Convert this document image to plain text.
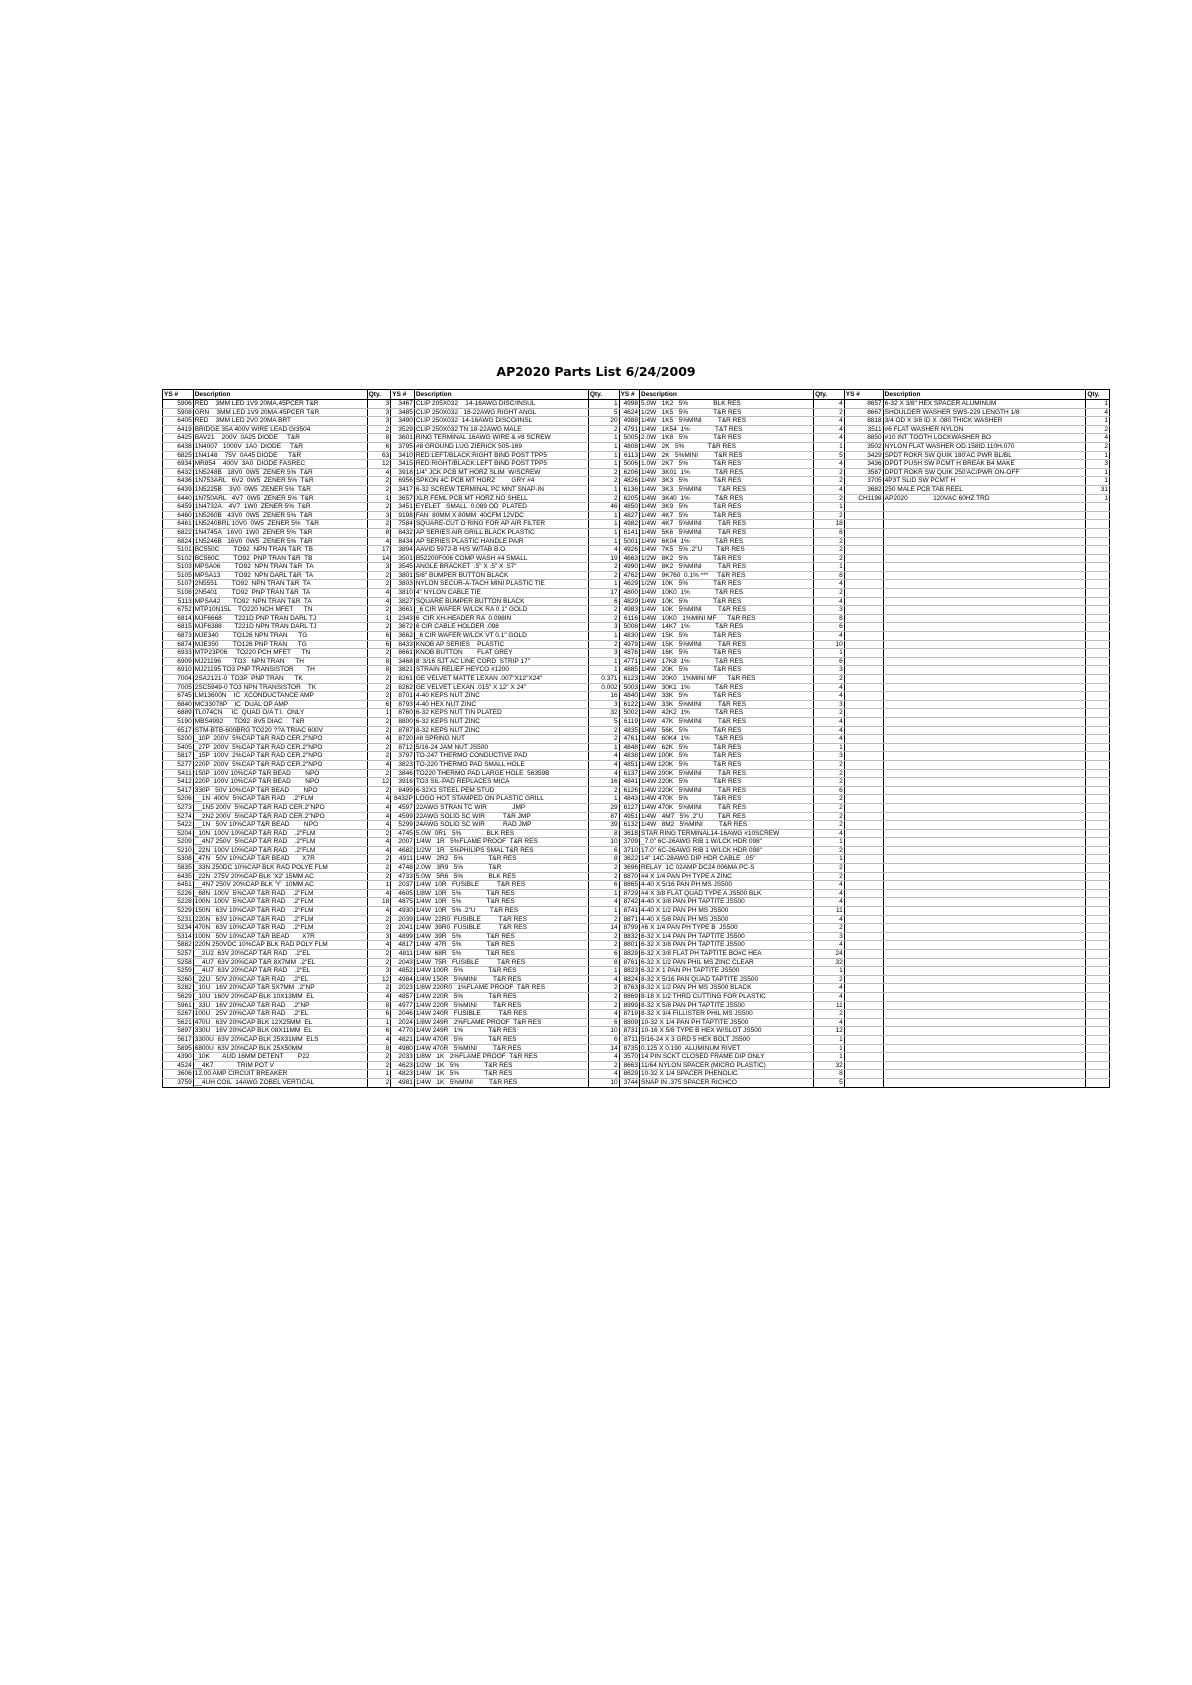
AP2020 Parts List 6/24/2009
YS #	Description	Qty.	YS #	Description	Qty.	YS #	Description	Qty.	YS #	Description	Qty.
5906	RED    3MM LED 1V9 20MA.45PCER T&R	3	3467	CLIP 205X032    14-16AWG DISC/INSUL	1	4998	5.0W   1K2   5%              BLK RES	4	8657	6-32 X 3/8" HEX SPACER ALUMINUM	1
5908	GRN    3MM LED 1V9 20MA.45PCER T&R	3	3485	CLIP 250X032   18-22AWG RIGHT ANGL	5	4624	1/2W   1K5   5%              T&R RES	2	8667	SHOULDER WASHER SWS-229 LENGTH 1/8	4
6405	RED    3MM LED 2V0 20MA BRT	3	3490	CLIP 250X032  14-16AWG DISCO/INSL	20	4988	1/4W   1K5   5%MINI         T&R RES	4	8818	3/4 OD X 3/8 ID X .080 THICK WASHER	1
6419	BRIDGE 35A 400V WIRE LEAD GI3504	2	3529	CLIP 250X032 TN 18-22AWG MALE	2	4791	1/4W   1K54  1%              T&T RES	4	3511	#6 FLAT WASHER NYLON	2
6425	BAV21    200V  0A25 DIODE     T&R	8	3601	RING TERMINAL 16AWG WIRE & #8 SCREW	1	5005	2.0W   1K8   5%              T&R RES	4	8850	#10 INT TOOTH LOCKWASHER BO	4
6438	1N4007   1000V  1A0  DIODE     T&R	6	3795	#8 GROUND LUG ZIERICK 505-169	1	4808	1/4W   2K   5%             T&R RES	1	3502	NYLON FLAT WASHER OD.158ID.110H.070	2
6825	1N4148    75V  0A45 DIODE      T&R	63	3410	RED:LEFT/BLACK:RIGHT BIND POST TPP5	1	6113	1/4W   2K   5%MINI         T&R RES	5	3429	SPDT ROKR SW QUIK 180'AC PWR BL/BL	1
6934	MR854    400V  3A0  DIODE FASREC	12	3415	RED:RIGHT/BLACK:LEFT BIND POST TPP5	1	5006	1.0W   2K7   5%              T&R RES	4	3436	DPDT PUSH SW PCMT H BREAK B4 MAKE	3
6432	1N5248B   18V0  0W5  ZENER 5%  T&R	4	3918	1/4" JCK PCB MT HORZ SLIM  W/SCREW	2	6206	1/4W   3K01  1%              T&R RES	2	3587	DPDT ROKR SW QUIK 250'AC/PWR ON-OFF	1
6436	1N753ARL   6V2  0W5  ZENER 5%  T&R	2	6956	SPKON 4C PCB MT HORZ         GRY #4	2	4826	1/4W   3K3   5%              T&R RES	2	3705	4P3T SLID SW PCMT H	1
6439	1N5225B    3V0  0W5  ZENER 5%  T&R	2	3417	6-32 SCREW TERMINAL PC MNT SNAP-IN	1	6136	1/4W   3K3   5%MINI         T&R RES	4	3682	250 MALE PCB TAB REEL	31
6440	1N750ARL   4V7  0W5  ZENER 5%  T&R	1	3657	XLR FEML PCB MT HORZ NO SHELL	2	6205	1/4W   3K40  1%              T&R RES	2	CH1198	AP2020              120VAC 60HZ TRD	1
6459	1N4732A    4V7  1W0  ZENER 5%  T&R	2	3451	EYELET   SMALL  0.089 OD  PLATED	46	4850	1/4W   3K9   5%              T&R RES	1			
6460	1N5260B   43V0  0W5  ZENER 5%  T&R	3	9198	FAN  80MM X 80MM  40CFM 12VDC	1	4827	1/4W   4K7   5%              T&R RES	2			
6461	1N5240BRL 10V0  0W5  ZENER 5%   T&R	2	7584	SQUARE-CUT O RING FOR AP AIR FILTER	1	4982	1/4W   4K7   5%MINI         T&R RES	18			
6822	1N4745A   16V0  1W0  ZENER 5%  T&R	8	8432	AP SERIES AIR GRILL BLACK PLASTIC	1	6141	1/4W   5K6   5%MINI         T&R RES	8			
6824	1N5246B   16V0  0W5  ZENER 5%  T&R	4	8434	AP SERIES PLASTIC HANDLE PAIR	1	5001	1/4W   6K04  1%              T&R RES	2			
5101	BC550C        TO92  NPN TRAN T&R  TB	17	3894	AAVID 5972-B H/S W/TAB B.O.	4	4926	1/4W   7K5   5% .2"U        T&R RES	2			
5102	BC560C        TO92  PNP TRAN T&R  TB	14	3501	B52200F006 COMP WASH #4 SMALL	19	4663	1/2W   8K2   5%              T&R RES	2			
5103	MPSA06        TO92  NPN TRAN T&R  TA	3	3545	ANGLE BRACKET  .5" X .5" X .57"	2	4990	1/4W   8K2   5%MINI         T&R RES	1			
5105	MPSA13        TO92  NPN DARL T&R  TA	2	3801	5/8" BUMPER BUTTON BLACK	2	4762	1/4W   9K760  0.1% ***     T&R RES	8			
5107	2N5551        TO92  NPN TRAN T&R  TA	2	3803	NYLON SECUR-A-TACH MINI PLASTIC TIE	1	4629	1/2W   10K   5%              T&R RES	4			
5108	2N5401        TO92  PNP TRAN T&R  TA	4	3810	4" NYLON CABLE TIE	17	4800	1/4W   10K0  1%              T&R RES	2			
5113	MPSA42       TO92  NPN TRAN T&R  TA	4	3827	SQUARE BUMPER BUTTON BLACK	6	4829	1/4W   10K   5%              T&R RES	4			
6752	MTP10N15L    TO220 NCH MFET      TN	2	3661	_6 CIR WAFER W/LCK RA 0.1" GOLD	2	4983	1/4W   10K   5%MINI         T&R RES	3			
6814	MJF6668       T221D PNP TRAN DARL TJ	1	2343	6  CIR XH-HEADER RA  0.098IN	2	6116	1/4W   10K0   1%MINI MF      T&R RES	8			
6815	MJF6388       T221D NPN TRAN DARL TJ	2	3672	6 CIR CABLE HOLDER .098	3	5008	1/4W   14K7  1%              T&R RES	6			
6873	MJE340        TO126 NPN TRAN      TG	6	3662	_6 CIR WAFER W/LCK VT 0.1" GOLD	1	4830	1/4W   15K   5%              T&R RES	4			
6874	MJE350        TO126 PNP TRAN      TG	6	8433	KNOB AP SERIES    PLASTIC	2	4979	1/4W   15K   5%MINI         T&R RES	10			
6933	MTP23P06     TO220 PCH MFET      TN	2	8661	KNOB BUTTON        FLAT GREY	3	4876	1/4W   16K   5%              T&R RES	1			
6909	MJ21196       TO3   NPN TRAN      TH	8	3468	8' 3/16 SJT AC LINE CORD  STRIP 17"	1	4771	1/4W   17K8  1%              T&R RES	6			
6910	MJ21195 TO3 PNP TRANSISTOR       TH	8	3821	STRAIN RELIEF HEYCO #1200	1	4885	1/4W   20K   5%              T&R RES	3			
7004	2SA2121-0  TO3P  PNP TRAN      TK	2	8261	GE VELVET MATTE LEXAN .007"X12"X24"	0.371	6123	1/4W   20K0   1%MINI MF      T&R RES	2			
7005	2SC5949-0 TO3 NPN TRANSISTOR    TK	2	8262	GE VELVET LEXAN .015" X 12" X 24"	0.002	5003	1/4W   30K1  1%              T&R RES	4			
6745	LM13600N    IC  XCONDUCTANCE AMP	2	8701	4-40 KEPS NUT ZINC	16	4840	1/4W   33K   5%              T&R RES	4			
6840	MC33078P    IC  DUAL OP AMP	6	8793	4-40 HEX NUT ZINC	3	6122	1/4W   33K   5%MINI         T&R RES	3			
6889	TL074CN     IC  QUAD O/A T.I.  ONLY	1	8760	6-32 KEPS NUT TIN PLATED	32	5002	1/4W   42K2  1%              T&R RES	2			
5190	MBS4992      TO92  8V5 DIAC     T&R	2	8800	6-32 KEPS NUT ZINC	5	6119	1/4W   47K   5%MINI         T&R RES	4			
6517	STM-BTB-600BRG TO220 ??A TRIAC 600V	2	8787	8-32 KEPS NUT ZINC	2	4835	1/4W   56K   5%              T&R RES	4			
5200	_10P  200V  5%CAP T&R RAD CER.2"NPO	4	8720	#8 SPRING NUT	2	4761	1/4W   60K4  1%              T&R RES	4			
5405	_27P  200V  5%CAP T&R RAD CER.2"NPO	2	8712	5/16-24 JAM NUT JS500	1	4848	1/4W   62K   5%              T&R RES	1			
5817	_15P  100V  2%CAP T&R RAD CER.2"NPO	2	3797	TO-247 THERMO CONDUCTIVE PAD	4	4838	1/4W 100K   5%              T&R RES	3			
5277	220P  200V  5%CAP T&R RAD CER.2"NPO	4	3823	TO-220 THERMO PAD SMALL HOLE	4	4851	1/4W 120K   5%              T&R RES	2			
5411	150P  100V 10%CAP T&R BEAD        NPO	2	3846	TO220 THERMO PAD LARGE HOLE  56359B	4	6137	1/4W 200K   5%MINI         T&R RES	2			
5412	220P  100V 10%CAP T&R BEAD        NPO	12	3916	TO3 SIL-PAD REPLACES MICA	16	4841	1/4W 220K   5%              T&R RES	2			
5417	330P   50V 10%CAP T&R BEAD        NPO	2	8499	6-32X1 STEEL PEM STUD	2	6126	1/4W 220K   5%MINI         T&R RES	6			
5206	__1N  400V  5%CAP T&R RAD    .2"FLM	4	8432P	LOGO HOT STAMPED ON PLASTIC GRILL	1	4843	1/4W 470K   5%              T&R RES	2			
5273	__1N5 200V  5%CAP T&R RAD CER.2"NPO	4	4597	22AWG STRAN TC WIR              JMP	29	6127	1/4W 470K   5%MINI         T&R RES	2			
5274	__2N2 200V  5%CAP T&R RAD CER.2"NPO	4	4599	22AWG SOLID SC WIR          T&R JMP	87	4951	1/4W   4M7   5% .2"U        T&R RES	2			
5422	__1N   50V 10%CAP T&R BEAD        NPO	4	5299	24AWG SOLID SC WIR          RAD JMP	39	6132	1/4W   8M2   5%MINI         T&R RES	2			
5204	_10N  100V 10%CAP T&R RAD    .2"FLM	2	4745	5.0W  0R1   5%              BLK RES	8	3618	STAR RING TERMINAL14-16AWG #10SCREW	4			
5209	__4N7 250V  5%CAP T&R RAD    .2"FLM	4	2007	1/4W   1R   5%FLAME PROOF  T&R RES	10	3709	_7.0" 6C-26AWG RIB 1 W/LCK HDR 098"	1			
5210	_22N  100V 10%CAP T&R RAD    .2"FLM	4	4682	1/2W   1R   5%PHILIPS SMAL T&R RES	6	3710	17.0" 6C-26AWG RIB 1 W/LCK HDR 098"	2			
5308	_47N   50V 10%CAP T&R BEAD       X7R	2	4911	1/4W   2R2   5%              T&R RES	8	3622	14" 14C-28AWG DIP HDR CABLE  .05"	1			
5835	_33N 250DC 10%CAP BLK RAD POLYE FLM	2	4748	2.0W   3R9   5%              T&R	2	3696	RELAY  1C 02AMP DC24 006MA PC-S	2			
6435	_22N  275V 20%CAP BLK 'X2' 15MM AC	2	4733	5.0W   5R6   5%              BLK RES	2	8870	#4 X 1/4 PAN PH TYPE A ZINC	2			
6451	__4N7 250V 20%CAP BLK 'Y'  10MM AC	1	2037	1/4W  10R   FUSIBLE          T&R RES	6	8865	4-40 X 5/16 PAN PH MS JS500	4			
5226	_68N  100V  5%CAP T&R RAD    .2"FLM	4	4605	1/8W  10R   5%              T&R RES	1	8729	#4 X 3/8 FLAT QUAD TYPE A JS500 BLK	4			
5228	100N  100V  5%CAP T&R RAD    .2"FLM	18	4875	1/4W  10R   5%              T&R RES	4	8742	4-40 X 3/8 PAN PH TAPTITE JS500	4			
5229	150N   63V 10%CAP T&R RAD    .2"FLM	4	4930	1/4W  10R   5% .2"U        T&R RES	1	8741	4-40 X 1/2 PAN PH MS JS500	11			
5231	220N   63V 10%CAP T&R RAD    .2"FLM	2	2039	1/4W  22R0  FUSIBLE          T&R RES	2	8871	4-40 X 5/8 PAN PH MS JS500	4			
5234	470N   63V 10%CAP T&R RAD    .2"FLM	2	2041	1/4W  39R0  FUSIBLE          T&R RES	14	8799	#6 X 1/4 PAN PH TYPE B  JS500	2			
5314	100N   50V 10%CAP T&R BEAD       X7R	3	4899	1/4W  39R   5%              T&R RES	2	8832	6-32 X 1/4 PAN PH TAPTITE JS500	3			
5882	220N 250VDC 10%CAP BLK RAD POLY FLM	4	4817	1/4W  47R   5%              T&R RES	2	8801	6-32 X 3/8 PAN PH TAPTITE JS500	4			
5257	__2U2  63V 20%CAP T&R RAD    .2"EL	2	4811	1/4W  68R   5%              T&R RES	6	8829	6-32 X 3/8 FLAT PH TAPTITE BO#C HEA	24			
5258	__4U7  63V 20%CAP T&R 8X7MM  .2"EL	2	2043	1/4W  75R   FUSIBLE          T&R RES	8	8761	6-32 X 1/2 PAN PHIL MS ZINC CLEAR	32			
5259	__4U7  63V 20%CAP T&R RAD    .2"EL	3	4852	1/4W 100R   5%              T&R RES	1	8823	6-32 X 1 PAN PH TAPTITE JS500	1			
5260	_22U   50V 20%CAP T&R RAD    .2"EL	12	4984	1/4W 150R   5%MINI         T&R RES	4	8824	8-32 X 5/16 PAN QUAD TAPTITE JS500	2			
5282	_10U   16V 20%CAP T&R 5X7MM  .2"NP	2	2023	1/8W 220R0   1%FLAME PROOF  T&R RES	2	8763	8-32 X 1/2 PAN PH MS JS500 BLACK	4			
5629	_10U  160V 20%CAP BLK 10X13MM  EL	4	4857	1/4W 220R   5%              T&R RES	2	8869	8-18 X 1/2 THRD CUTTING FOR PLASTIC	4			
5961	_33U   16V 20%CAP T&R RAD    .2"NP	8	4977	1/4W 220R   5%MINI         T&R RES	2	8999	8-32 X 5/8 PAN PH TAPTITE JS500	11			
5267	100U   25V 20%CAP T&R RAD    .2"EL	6	2046	1/4W 240R   FUSIBLE          T&R RES	4	8719	8-32 X 3/4 FILLISTER PHIL MS JS500	2			
5621	470U   63V 20%CAP BLK 12X25MM  EL	1	2024	1/8W 249R   2%FLAME PROOF  T&R RES	6	8809	10-32 X 1/4 PAN PH TAPTITE JS500	4			
5897	330U   16V 20%CAP BLK 08X11MM  EL	6	4770	1/4W 249R   1%              T&R RES	10	8731	10-16 X 5/8 TYPE B HEX W/SLOT JS500	12			
5617	3300U  63V 20%CAP BLK 25X31MM  ELS	4	4821	1/4W 470R   5%              T&R RES	6	8711	5/16-24 X 3 GRD 5 HEX BOLT JS500	1			
5895	6800U  63V 20%CAP BLK 25X50MM	8	4980	1/4W 470R   5%MINI         T&R RES	14	8735	0.125 X 0.190  ALUMINUM RIVET	1			
4390	_10K       AUD 16MM DETENT        P22	2	2033	1/8W   1K   2%FLAME PROOF  T&R RES	4	3570	14 PIN SCKT CLOSED FRAME DIP ONLY	1			
4524	__4K7             TRIM POT V	2	4623	1/2W   1K   5%              T&R RES	2	8663	11/64 NYLON SPACER (MICRO PLASTIC)	32			
3606	12.00 AMP CIRCUIT BREAKER	1	4823	1/4W   1K   5%              T&R RES	4	8629	10-32 X 1/4 SPACER PHENOLIC	8			
3759	__4UH COIL  14AWG ZOBEL VERTICAL	2	4981	1/4W   1K   5%MINI         T&R RES	10	3744	SNAP IN .375 SPACER RICHCO	5			
